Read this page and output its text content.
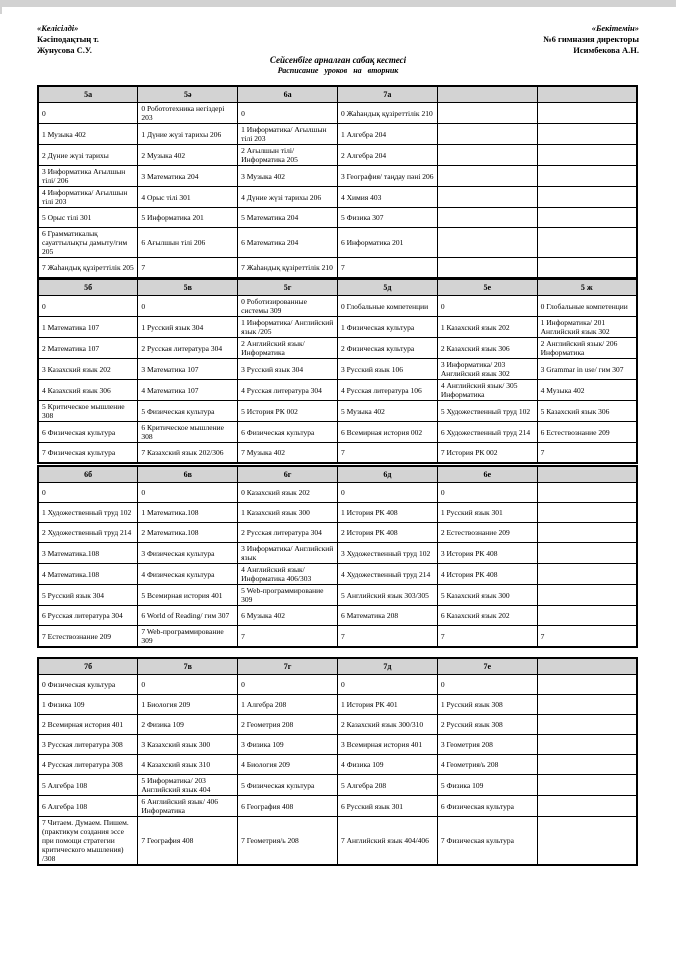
«Келісілді»
Кәсіподақтың т.
Жунусова С.У.
«Бекітемін»
№6 гимназия директоры
Исимбекова А.Н.
Сейсенбіге арналған сабақ кестесі
Расписание уроков на вторник
5а	5ә	6а	7а		
0	0 Робототехника негіздері 203	0	0 Жаһандық құзіреттілік 210		
1 Музыка 402	1 Дүние жүзі тарихы 206	1 Информатика/ Ағылшын тілі 203	1 Алгебра 204		
2 Дүние жүзі тарихы	2 Музыка 402	2 Ағылшын тілі/ Информатика 205	2 Алгебра 204		
3 Информатика Ағылшын тілі/ 206	3 Математика 204	3 Музыка 402	3 География/ таңдау пәні 206		
4 Информатика/ Ағылшын тілі 203	4 Орыс тілі 301	4 Дүние жүзі тарихы 206	4 Химия 403		
5 Орыс тілі 301	5 Информатика 201	5 Математика 204	5 Физика 307		
6 Грамматикалық сауаттылықты дамыту/гим 205	6 Ағылшын тілі 206	6 Математика 204	6 Информатика 201		
7 Жаһандық құзіреттілік 205	7	7 Жаһандық құзіреттілік 210	7		
5б	5в	5г	5д	5е	5 ж
0	0	0 Роботизированные системы 309	0 Глобальные компетенции	0	0 Глобальные компетенции
1 Математика 107	1 Русский язык 304	1 Информатика/ Английский язык /205	1 Физическая культура	1 Казахский язык 202	1 Информатика/ 201 Английский язык 302
2 Математика 107	2 Русская литература 304	2 Английский язык/ Информатика	2 Физическая культура	2 Казахский язык 306	2 Английский язык/ 206 Информатика
3 Казахский язык 202	3 Математика 107	3 Русский язык 304	3 Русский язык 106	3 Информатика/ 203 Английский язык 302	3 Grammar in use/ гим 307
4 Казахский язык 306	4 Математика 107	4 Русская литература 304	4 Русская литература 106	4 Английский язык/ 305 Информатика	4 Музыка 402
5 Критическое мышление 308	5 Физическая культура	5 История РК 002	5 Музыка 402	5 Художественный труд 102	5 Казахский язык 306
6 Физическая культура	6 Критическое мышление 308	6 Физическая культура	6 Всемирная история 002	6 Художественный труд 214	6 Естествознание 209
7 Физическая культура	7 Казахский язык 202/306	7 Музыка 402	7	7 История РК 002	7
6б	6в	6г	6д	6е	
0	0	0 Казахский язык 202	0	0	
1 Художественный труд 102	1 Математика.108	1 Казахский язык 300	1 История РК 408	1 Русский язык 301	
2 Художественный труд 214	2 Математика.108	2 Русская литература 304	2 История РК 408	2 Естествознание 209	
3 Математика.108	3 Физическая культура	3 Информатика/ Английский язык	3 Художественный труд 102	3 История РК 408	
4 Математика.108	4 Физическая культура	4 Английский язык/ Информатика 406/303	4 Художественный труд 214	4 История РК 408	
5 Русский язык 304	5 Всемирная история 401	5 Web-программирование 309	5 Английский язык 303/305	5 Казахский язык 300	
6 Русская литература 304	6 World of Reading/ гим 307	6 Музыка 402	6 Математика 208	6 Казахский язык 202	
7 Естествознание 209	7 Web-программирование 309	7	7	7	7
7б	7в	7г	7д	7е	
0 Физическая культура	0	0	0	0	
1 Физика 109	1 Биология 209	1 Алгебра 208	1 История РК 401	1 Русский язык 308	
2 Всемирная история 401	2 Физика 109	2 Геометрия 208	2 Казахский язык 300/310	2 Русский язык 308	
3 Русская литература 308	3 Казахский язык 300	3 Физика 109	3 Всемирная история 401	3 Геометрия 208	
4 Русская литература 308	4 Казахский язык 310	4 Биология 209	4 Физика 109	4 Геометрия/ь 208	
5 Алгебра 108	5 Информатика/ 203 Английский язык 404	5 Физическая культура	5 Алгебра 208	5 Физика 109	
6 Алгебра 108	6 Английский язык/ 406 Информатика	6 География 408	6 Русский язык 301	6 Физическая культура	
7 Читаем. Думаем. Пишем. (практикум создания эссе при помощи стратегии критического мышления) /308	7 География 408	7 Геометрия/ь 208	7 Английский язык 404/406	7 Физическая культура	
